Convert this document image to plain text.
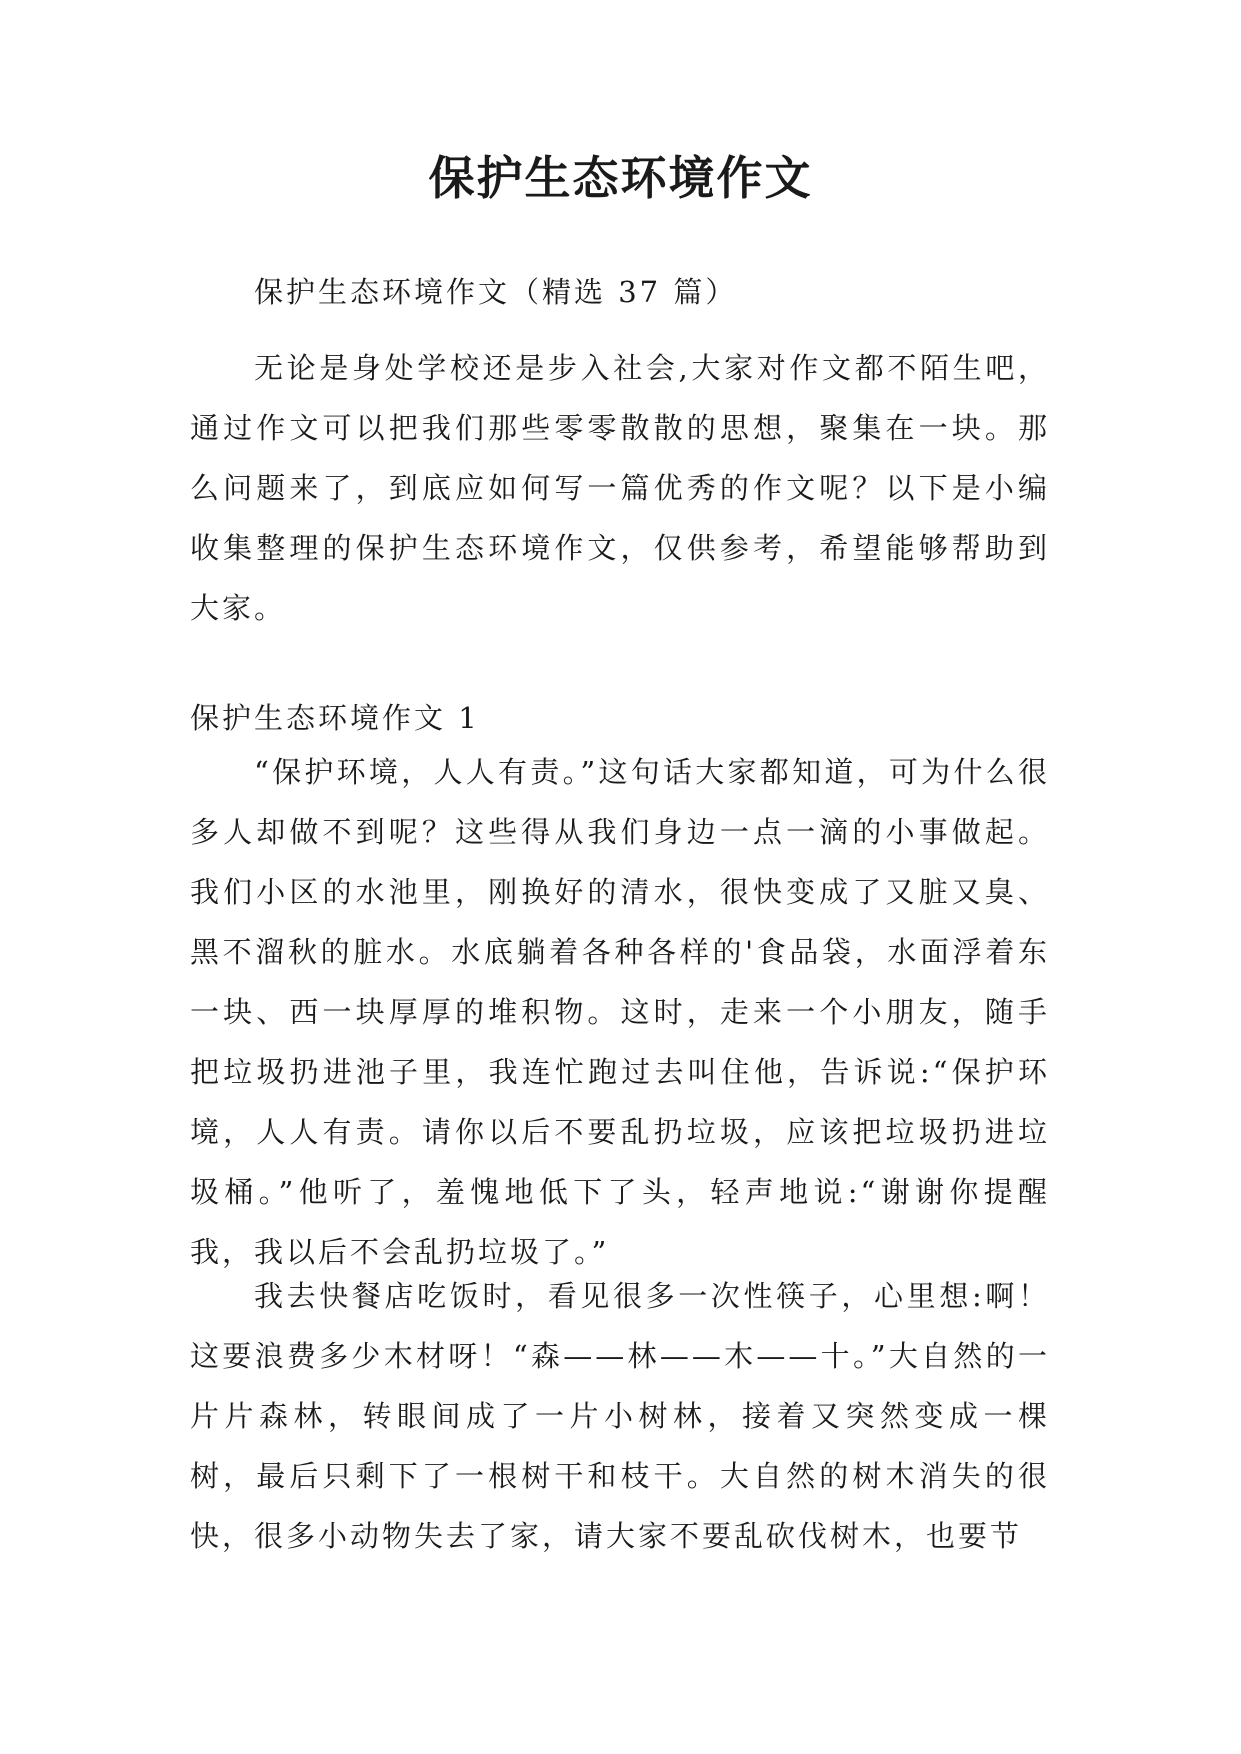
保护生态环境作文

保护生态环境作文（精选 37 篇）

无论是身处学校还是步入社会,大家对作文都不陌生吧，通过作文可以把我们那些零零散散的思想，聚集在一块。那么问题来了，到底应如何写一篇优秀的作文呢？以下是小编收集整理的保护生态环境作文，仅供参考，希望能够帮助到大家。

保护生态环境作文 1

“保护环境，人人有责。”这句话大家都知道，可为什么很多人却做不到呢？这些得从我们身边一点一滴的小事做起。 我们小区的水池里，刚换好的清水，很快变成了又脏又臭、黑不溜秋的脏水。水底躺着各种各样的'食品袋，水面浮着东一块、西一块厚厚的堆积物。这时，走来一个小朋友，随手把垃圾扔进池子里，我连忙跑过去叫住他，告诉说:“保护环境，人人有责。请你以后不要乱扔垃圾，应该把垃圾扔进垃圾桶。”他听了，羞愧地低下了头，轻声地说:“谢谢你提醒我，我以后不会乱扔垃圾了。”

我去快餐店吃饭时，看见很多一次性筷子，心里想:啊！这要浪费多少木材呀！“森——林——木——十。”大自然的一片片森林，转眼间成了一片小树林，接着又突然变成一棵树，最后只剩下了一根树干和枝干。大自然的树木消失的很快，很多小动物失去了家，请大家不要乱砍伐树木，也要节
